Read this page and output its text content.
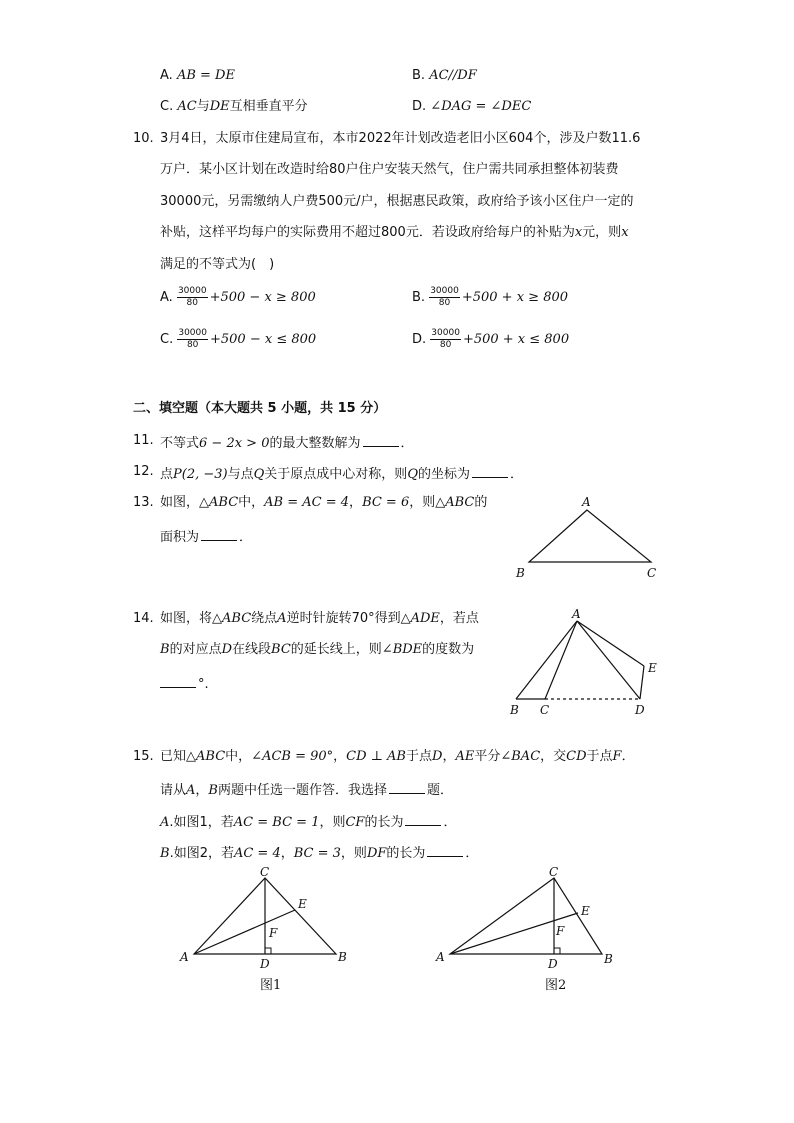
A. AB = DE	B. AC//DF
C. AC与DE互相垂直平分	D. ∠DAG = ∠DEC
10. 3月4日，太原市住建局宣布，本市2022年计划改造老旧小区604个，涉及户数11.6
万户．某小区计划在改造时给80户住户安装天然气，住户需共同承担整体初装费
30000元，另需缴纳人户费500元/户，根据惠民政策，政府给予该小区住户一定的
补贴，这样平均每户的实际费用不超过800元．若设政府给每户的补贴为x元，则x
满足的不等式为(　)
A. $\frac{30000}{80} +500 - x \ge 800$	B. $\frac{30000}{80} +500 + x \ge 800$
C. $\frac{30000}{80} +500 - x \le 800$	D. $\frac{30000}{80} +500 + x \le 800$
二、填空题（本大题共 5 小题，共 15 分）
11. 不等式6 − 2x > 0的最大整数解为	．
12. 点P(2, −3)与点Q关于原点成中心对称，则Q的坐标为	．
13. 如图，△ABC中，AB = AC = 4，BC = 6，则△ABC的
面积为	．
A
B	C
14. 如图，将△ABC绕点A逆时针旋转70°得到△ADE，若点
B的对应点D在线段BC的延长线上，则∠BDE的度数为
°.
A
B C	D
E
15. 已知△ABC中，∠ACB = 90°，CD ⊥ AB于点D，AE平分∠BAC，交CD于点F．
请从A，B两题中任选一题作答．我选择	题．
A.如图1，若AC = BC = 1，则CF的长为	．
B.如图2，若AC = 4，BC = 3，则DF的长为	．
C
A	B
D
E
F
图1
C
A	B
D
E
F
图2
